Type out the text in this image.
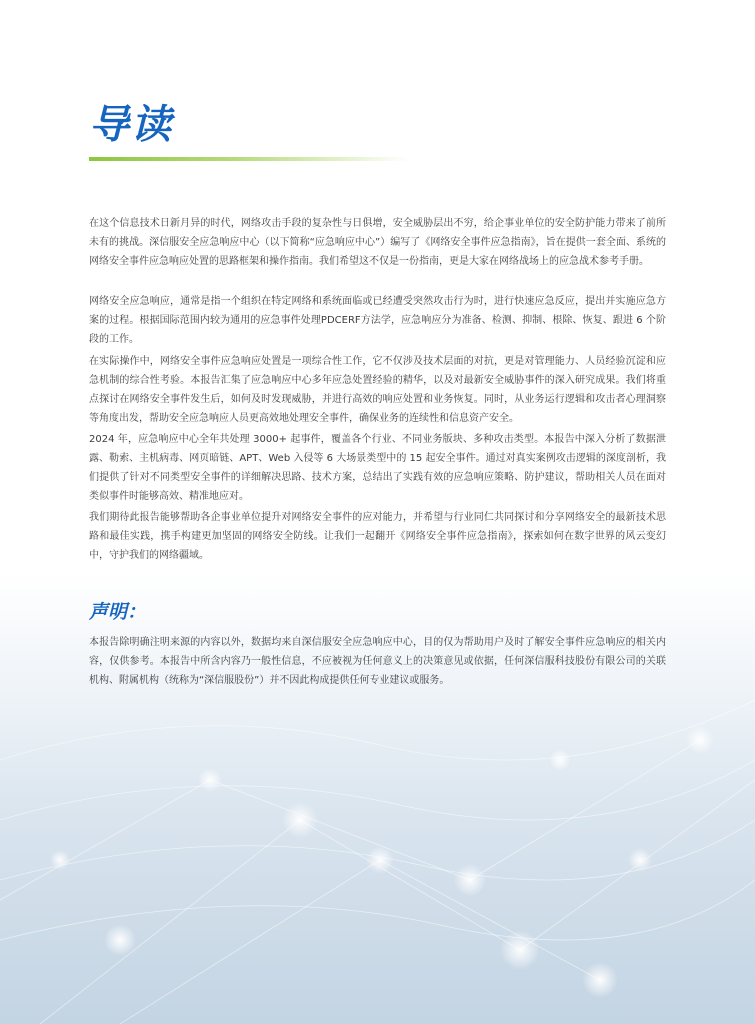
导读

在这个信息技术日新月异的时代，网络攻击手段的复杂性与日俱增，安全威胁层出不穷，给企事业单位的安全防护能力带来了前所未有的挑战。深信服安全应急响应中心（以下简称“应急响应中心”）编写了《网络安全事件应急指南》，旨在提供一套全面、系统的网络安全事件应急响应处置的思路框架和操作指南。我们希望这不仅是一份指南，更是大家在网络战场上的应急战术参考手册。

网络安全应急响应，通常是指一个组织在特定网络和系统面临或已经遭受突然攻击行为时，进行快速应急反应，提出并实施应急方案的过程。根据国际范围内较为通用的应急事件处理PDCERF方法学，应急响应分为准备、检测、抑制、根除、恢复、跟进 6 个阶段的工作。

在实际操作中，网络安全事件应急响应处置是一项综合性工作，它不仅涉及技术层面的对抗，更是对管理能力、人员经验沉淀和应急机制的综合性考验。本报告汇集了应急响应中心多年应急处置经验的精华，以及对最新安全威胁事件的深入研究成果。我们将重点探讨在网络安全事件发生后，如何及时发现威胁，并进行高效的响应处置和业务恢复。同时，从业务运行逻辑和攻击者心理洞察等角度出发，帮助安全应急响应人员更高效地处理安全事件，确保业务的连续性和信息资产安全。

2024 年，应急响应中心全年共处理 3000+ 起事件，覆盖各个行业、不同业务版块、多种攻击类型。本报告中深入分析了数据泄露、勒索、主机病毒、网页暗链、APT、Web 入侵等 6 大场景类型中的 15 起安全事件。通过对真实案例攻击逻辑的深度剖析，我们提供了针对不同类型安全事件的详细解决思路、技术方案，总结出了实践有效的应急响应策略、防护建议，帮助相关人员在面对类似事件时能够高效、精准地应对。

我们期待此报告能够帮助各企事业单位提升对网络安全事件的应对能力，并希望与行业同仁共同探讨和分享网络安全的最新技术思路和最佳实践，携手构建更加坚固的网络安全防线。让我们一起翻开《网络安全事件应急指南》，探索如何在数字世界的风云变幻中，守护我们的网络疆域。

声明：

本报告除明确注明来源的内容以外，数据均来自深信服安全应急响应中心，目的仅为帮助用户及时了解安全事件应急响应的相关内容，仅供参考。本报告中所含内容乃一般性信息，不应被视为任何意义上的决策意见或依据，任何深信服科技股份有限公司的关联机构、附属机构（统称为“深信服股份”）并不因此构成提供任何专业建议或服务。
